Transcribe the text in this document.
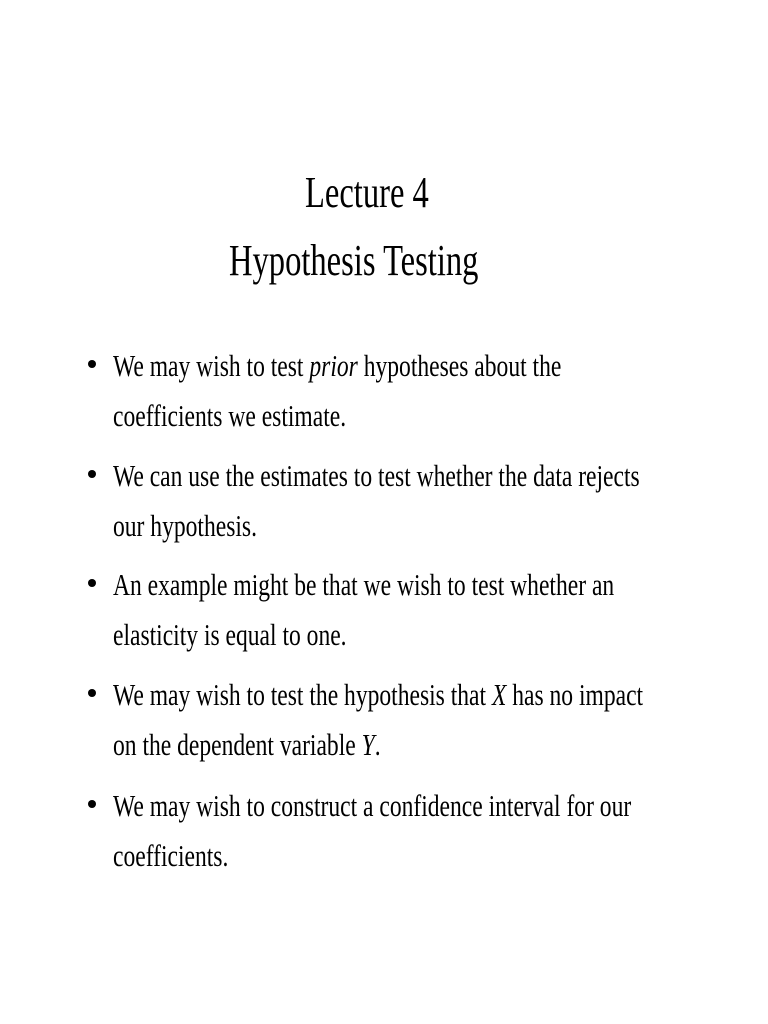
Lecture 4
Hypothesis Testing
We may wish to test prior hypotheses about the
coefficients we estimate.
We can use the estimates to test whether the data rejects
our hypothesis.
An example might be that we wish to test whether an
elasticity is equal to one.
We may wish to test the hypothesis that X has no impact
on the dependent variable Y.
We may wish to construct a confidence interval for our
coefficients.
